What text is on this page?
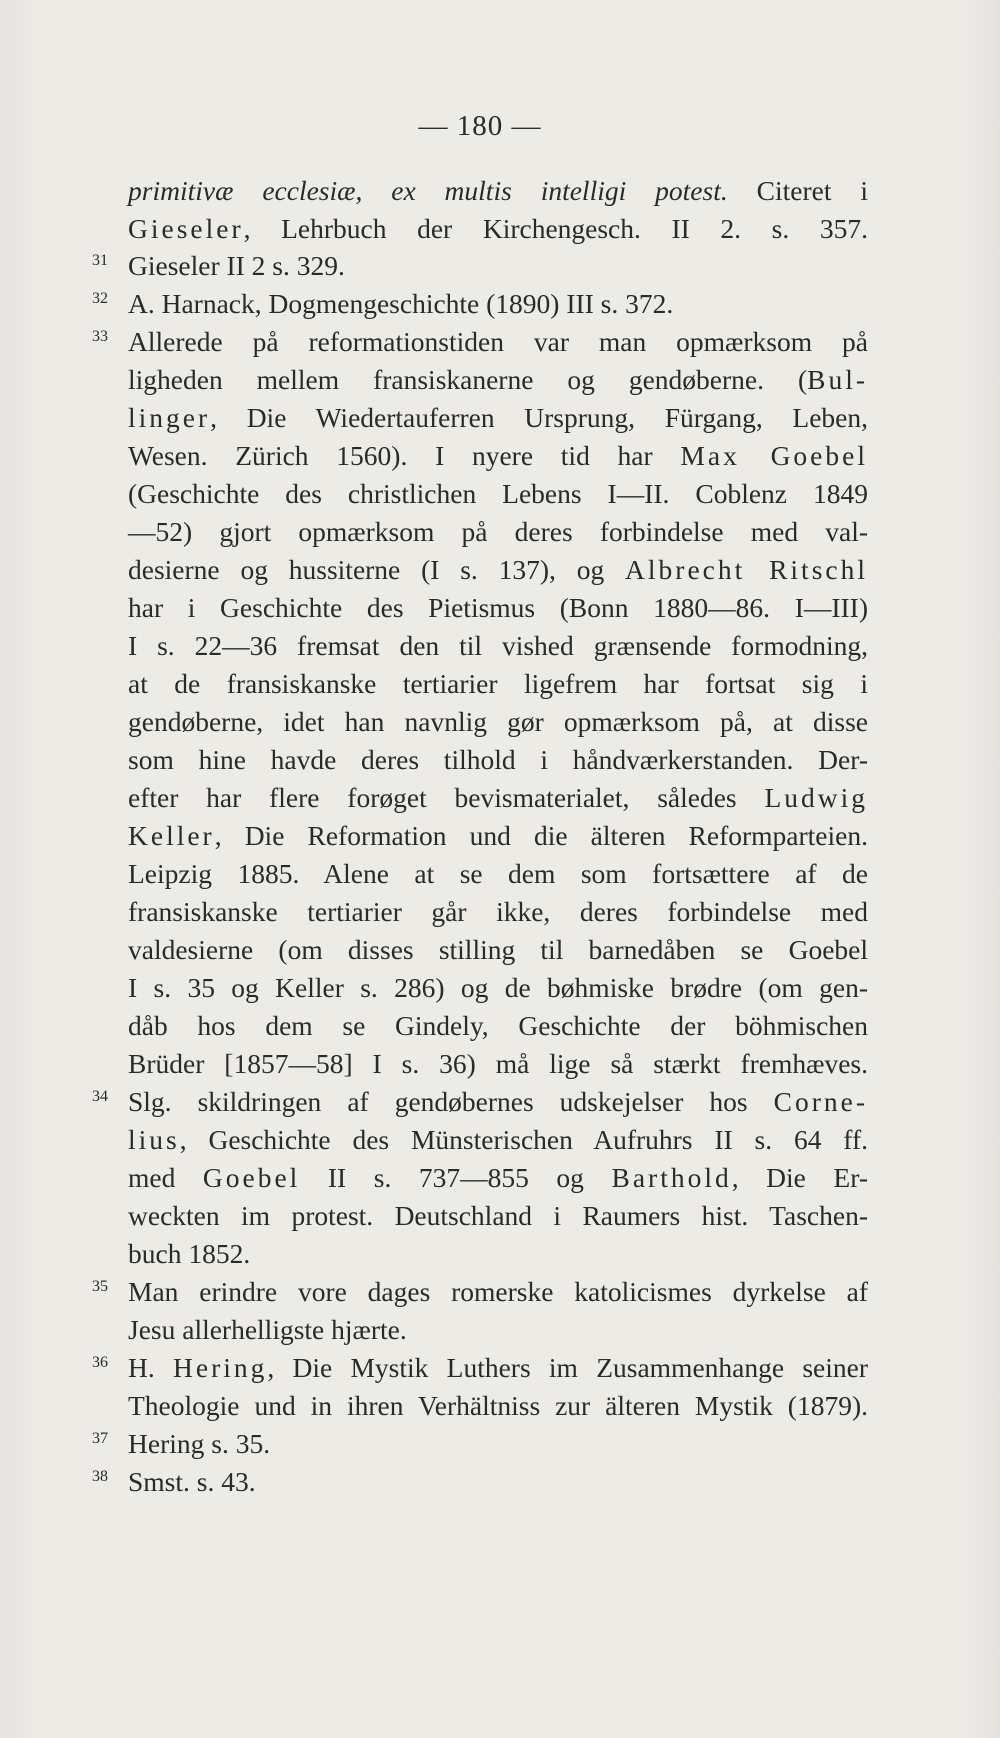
— 180 —
primitivæ ecclesiæ, ex multis intelligi potest. Citeret i
Gieseler, Lehrbuch der Kirchengesch. II 2. s. 357.
31 Gieseler II 2 s. 329.
32 A. Harnack, Dogmengeschichte (1890) III s. 372.
33 Allerede på reformationstiden var man opmærksom på
ligheden mellem fransiskanerne og gendøberne. (Bul-
linger, Die Wiedertauferren Ursprung, Fürgang, Leben,
Wesen. Zürich 1560). I nyere tid har Max Goebel
(Geschichte des christlichen Lebens I—II. Coblenz 1849
—52) gjort opmærksom på deres forbindelse med val-
desierne og hussiterne (I s. 137), og Albrecht Ritschl
har i Geschichte des Pietismus (Bonn 1880—86. I—III)
I s. 22—36 fremsat den til vished grænsende formodning,
at de fransiskanske tertiarier ligefrem har fortsat sig i
gendøberne, idet han navnlig gør opmærksom på, at disse
som hine havde deres tilhold i håndværkerstanden. Der-
efter har flere forøget bevismaterialet, således Ludwig
Keller, Die Reformation und die älteren Reformparteien.
Leipzig 1885. Alene at se dem som fortsættere af de
fransiskanske tertiarier går ikke, deres forbindelse med
valdesierne (om disses stilling til barnedåben se Goebel
I s. 35 og Keller s. 286) og de bøhmiske brødre (om gen-
dåb hos dem se Gindely, Geschichte der böhmischen
Brüder [1857—58] I s. 36) må lige så stærkt fremhæves.
34 Slg. skildringen af gendøbernes udskejelser hos Corne-
lius, Geschichte des Münsterischen Aufruhrs II s. 64 ff.
med Goebel II s. 737—855 og Barthold, Die Er-
weckten im protest. Deutschland i Raumers hist. Taschen-
buch 1852.
35 Man erindre vore dages romerske katolicismes dyrkelse af
Jesu allerhelligste hjærte.
36 H. Hering, Die Mystik Luthers im Zusammenhange seiner
Theologie und in ihren Verhältniss zur älteren Mystik (1879).
37 Hering s. 35.
38 Smst. s. 43.
